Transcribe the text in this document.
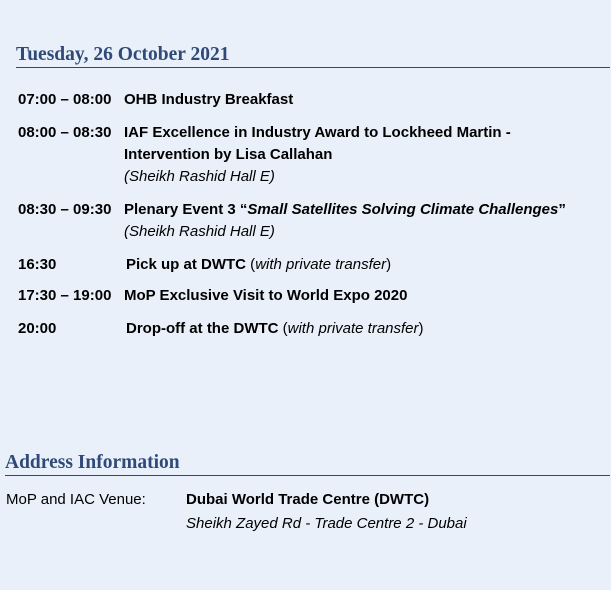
Tuesday, 26 October 2021
07:00 – 08:00 OHB Industry Breakfast
08:00 – 08:30 IAF Excellence in Industry Award to Lockheed Martin -
Intervention by Lisa Callahan
(Sheikh Rashid Hall E)
08:30 – 09:30 Plenary Event 3 “Small Satellites Solving Climate Challenges”
(Sheikh Rashid Hall E)
16:30	Pick up at DWTC (with private transfer)
17:30 – 19:00 MoP Exclusive Visit to World Expo 2020
20:00	Drop-off at the DWTC (with private transfer)
Address Information
MoP and IAC Venue:	Dubai World Trade Centre (DWTC)
Sheikh Zayed Rd - Trade Centre 2 - Dubai
